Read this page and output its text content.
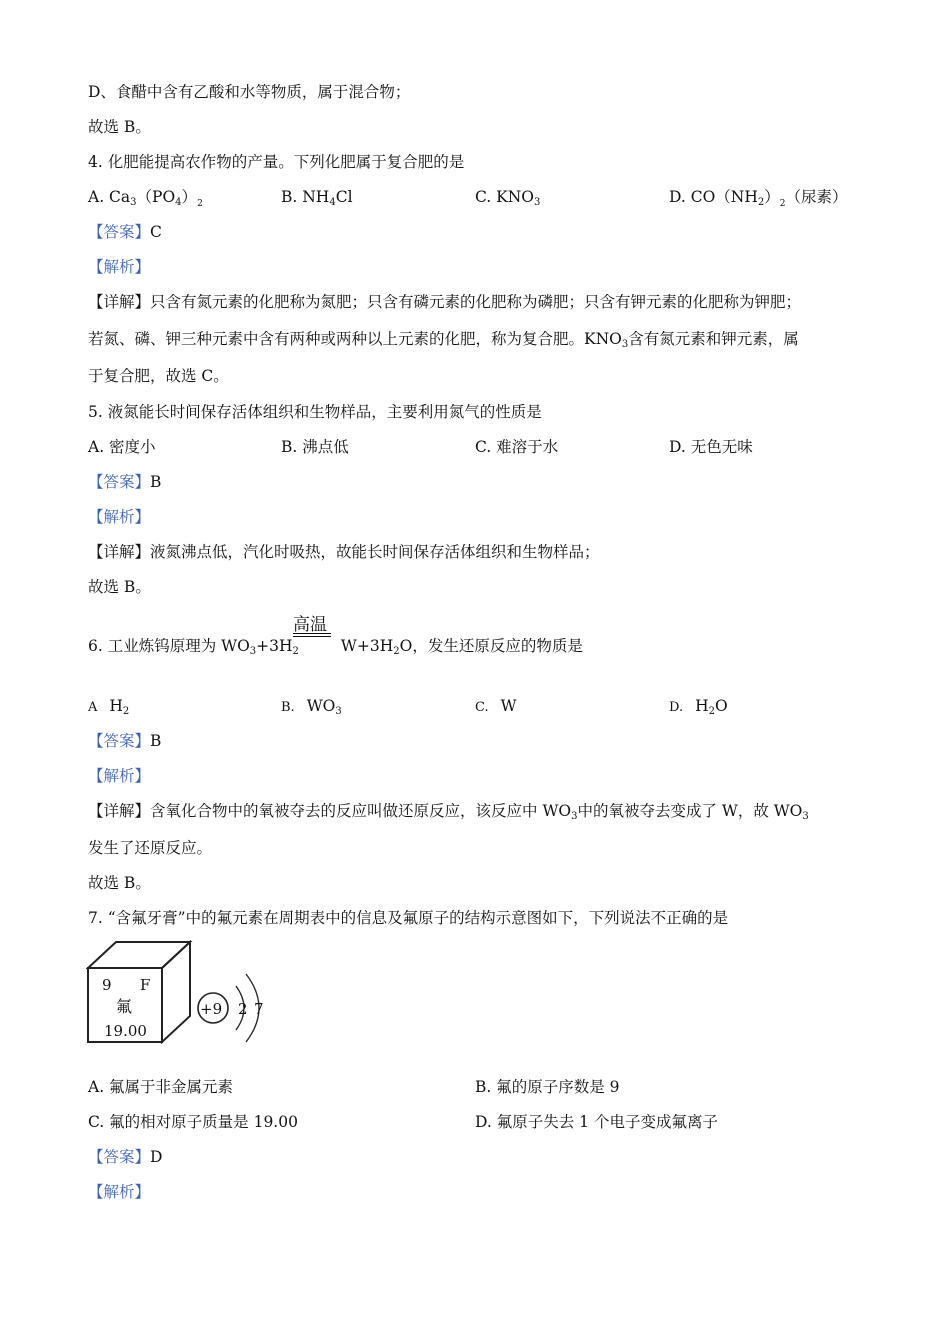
D、食醋中含有乙酸和水等物质，属于混合物；
故选 B。
4. 化肥能提高农作物的产量。下列化肥属于复合肥的是
A. $Ca_3(PO_4)_2$	B. $NH_4Cl$	C. $KNO_3$	D. $CO(NH_2)_2$（尿素）
【答案】C
【解析】
【详解】只含有氮元素的化肥称为氮肥；只含有磷元素的化肥称为磷肥；只含有钾元素的化肥称为钾肥；
若氮、磷、钾三种元素中含有两种或两种以上元素的化肥，称为复合肥。$KNO_3$含有氮元素和钾元素，属
于复合肥，故选 C。
5. 液氮能长时间保存活体组织和生物样品，主要利用氮气的性质是
A. 密度小	B. 沸点低	C. 难溶于水	D. 无色无味
【答案】B
【解析】
【详解】液氮沸点低，汽化时吸热，故能长时间保存活体组织和生物样品；
故选 B。
高温
6. 工业炼钨原理为 $WO_3+3H_2$	$W+3H_2O$，发生还原反应的物质是
A $H_2$	B. $WO_3$	C. W	D. $H_2O$
【答案】B
【解析】
【详解】含氧化合物中的氧被夺去的反应叫做还原反应，该反应中 $WO_3$中的氧被夺去变成了 W，故 $WO_3$
发生了还原反应。
故选 B。
7. “含氟牙膏”中的氟元素在周期表中的信息及氟原子的结构示意图如下，下列说法不正确的是
9 F
氟
19.00
+9 2 7
A. 氟属于非金属元素	B. 氟的原子序数是 9
C. 氟的相对原子质量是 19.00	D. 氟原子失去 1 个电子变成氟离子
【答案】D
【解析】
